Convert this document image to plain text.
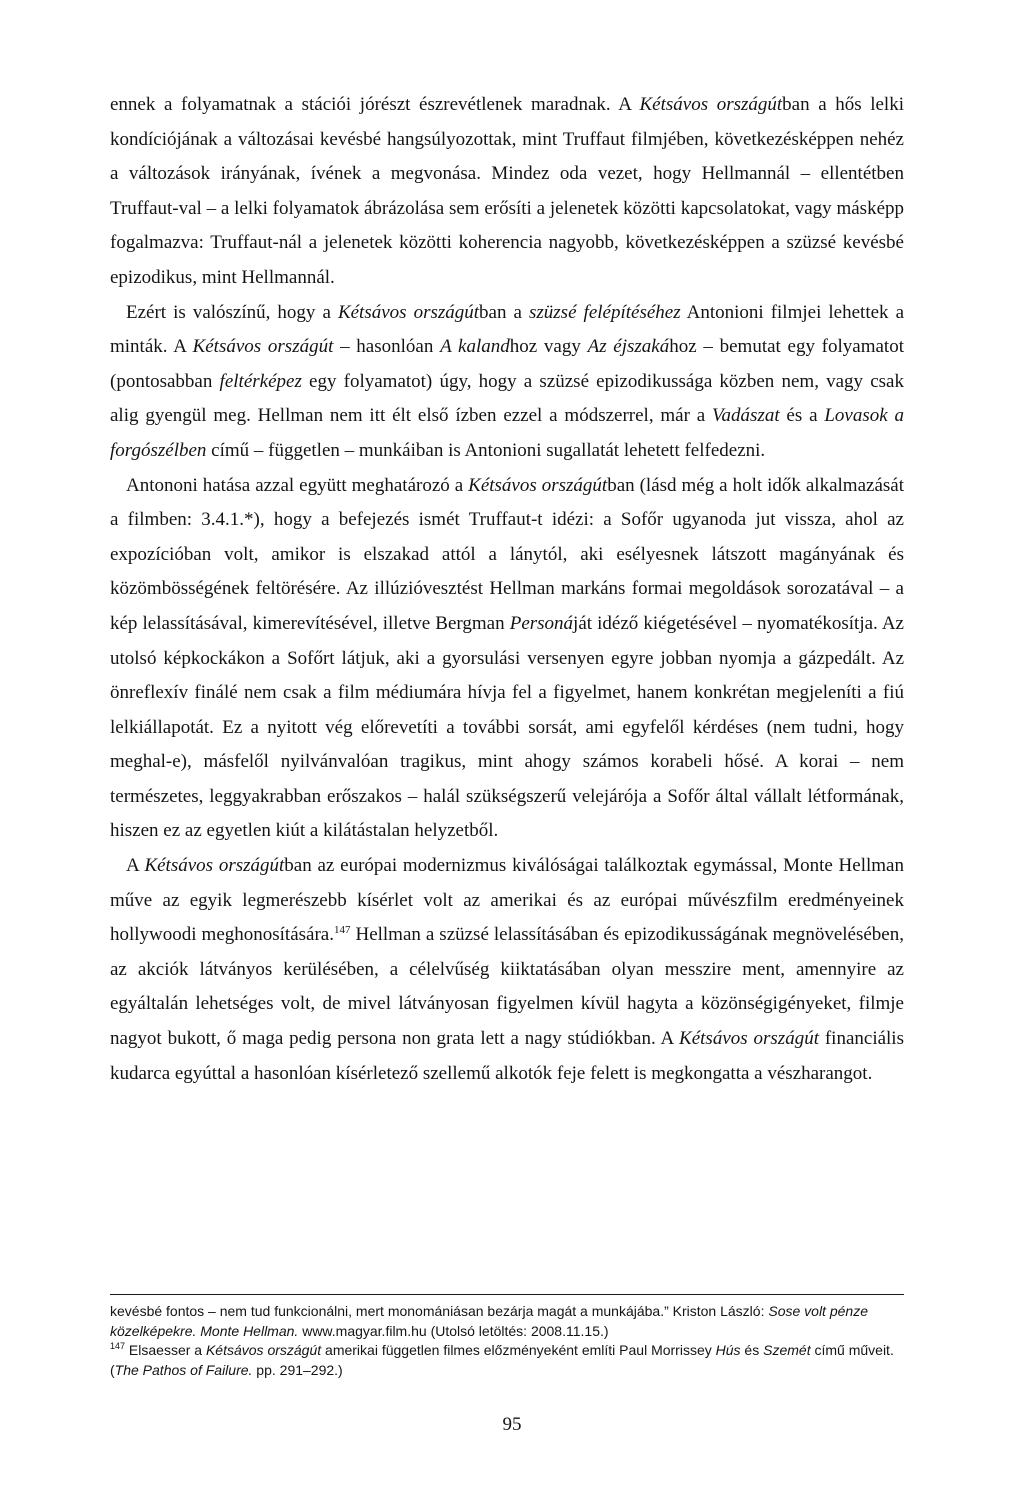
ennek a folyamatnak a stációi jórészt észrevétlenek maradnak. A Kétsávos országútban a hős lelki kondíciójának a változásai kevésbé hangsúlyozottak, mint Truffaut filmjében, következésképpen nehéz a változások irányának, ívének a megvonása. Mindez oda vezet, hogy Hellmannál – ellentétben Truffaut-val – a lelki folyamatok ábrázolása sem erősíti a jelenetek közötti kapcsolatokat, vagy másképp fogalmazva: Truffaut-nál a jelenetek közötti koherencia nagyobb, következésképpen a szüzsé kevésbé epizodikus, mint Hellmannál.

Ezért is valószínű, hogy a Kétsávos országútban a szüzsé felépítéséhez Antonioni filmjei lehettek a minták. A Kétsávos országút – hasonlóan A kalandhoz vagy Az éjszakához – bemutat egy folyamatot (pontosabban feltérképez egy folyamatot) úgy, hogy a szüzsé epizodikussága közben nem, vagy csak alig gyengül meg. Hellman nem itt élt első ízben ezzel a módszerrel, már a Vadászat és a Lovasok a forgószélben című – független – munkáiban is Antonioni sugallatát lehetett felfedezni.

Antononi hatása azzal együtt meghatározó a Kétsávos országútban (lásd még a holt idők alkalmazását a filmben: 3.4.1.*), hogy a befejezés ismét Truffaut-t idézi: a Sofőr ugyanoda jut vissza, ahol az expozícióban volt, amikor is elszakad attól a lánytól, aki esélyesnek látszott magányának és közömbösségének feltörésére. Az illúzióvesztést Hellman markáns formai megoldások sorozatával – a kép lelassításával, kimerevítésével, illetve Bergman Personáját idéző kiégetésével – nyomatékosítja. Az utolsó képkockákon a Sofőrt látjuk, aki a gyorsulási versenyen egyre jobban nyomja a gázpedált. Az önreflexív finálé nem csak a film médiumára hívja fel a figyelmet, hanem konkrétan megjeleníti a fiú lelkiállapotát. Ez a nyitott vég előrevetíti a további sorsát, ami egyfelől kérdéses (nem tudni, hogy meghal-e), másfelől nyilvánvalóan tragikus, mint ahogy számos korabeli hősé. A korai – nem természetes, leggyakrabban erőszakos – halál szükségszerű velejárója a Sofőr által vállalt létformának, hiszen ez az egyetlen kiút a kilátástalan helyzetből.

A Kétsávos országútban az európai modernizmus kiválóságai találkoztak egymással, Monte Hellman műve az egyik legmerészebb kísérlet volt az amerikai és az európai művészfilm eredményeinek hollywoodi meghonosítására.$^{147}$ Hellman a szüzsé lelassításában és epizodikusságának megnövelésében, az akciók látványos kerülésében, a célelvűség kiiktatásában olyan messzire ment, amennyire az egyáltalán lehetséges volt, de mivel látványosan figyelmen kívül hagyta a közönségigényeket, filmje nagyot bukott, ő maga pedig persona non grata lett a nagy stúdiókban. A Kétsávos országút financiális kudarca egyúttal a hasonlóan kísérletező szellemű alkotók feje felett is megkongatta a vészharangot.

kevésbé fontos – nem tud funkcionálni, mert monomániásan bezárja magát a munkájába.” Kriston László: Sose volt pénze közelképekre. Monte Hellman. www.magyar.film.hu (Utolsó letöltés: 2008.11.15.)

$^{147}$ Elsaesser a Kétsávos országút amerikai független filmes előzményeként említi Paul Morrissey Hús és Szemét című műveit. (The Pathos of Failure. pp. 291–292.)

95
